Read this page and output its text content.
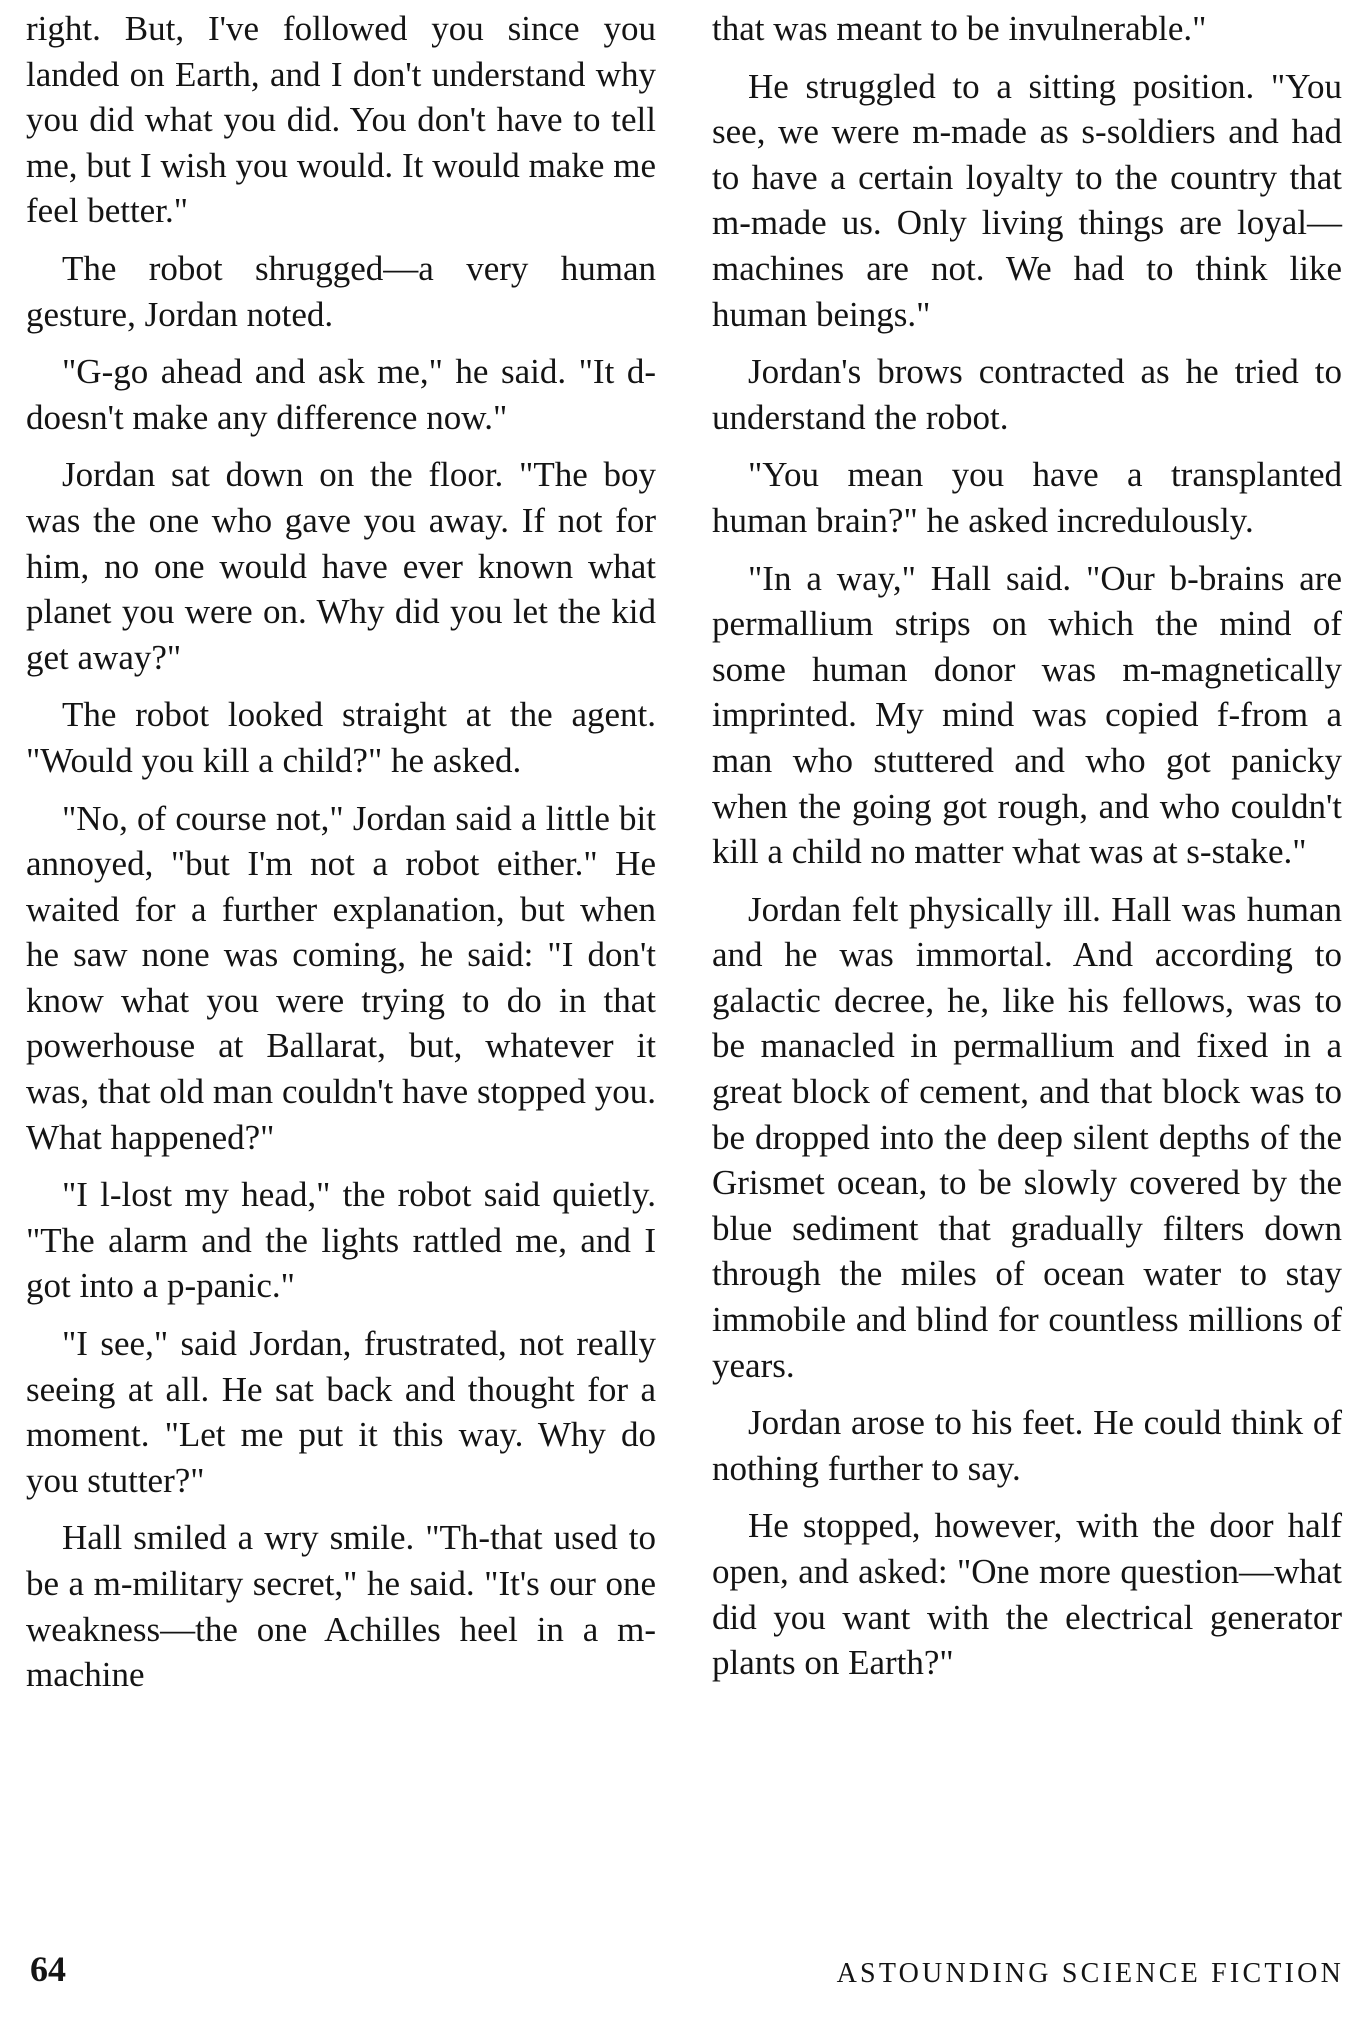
right. But, I've followed you since you landed on Earth, and I don't understand why you did what you did. You don't have to tell me, but I wish you would. It would make me feel better."

The robot shrugged—a very human gesture, Jordan noted.

"G-go ahead and ask me," he said. "It d-doesn't make any difference now."

Jordan sat down on the floor. "The boy was the one who gave you away. If not for him, no one would have ever known what planet you were on. Why did you let the kid get away?"

The robot looked straight at the agent. "Would you kill a child?" he asked.

"No, of course not," Jordan said a little bit annoyed, "but I'm not a robot either." He waited for a further explanation, but when he saw none was coming, he said: "I don't know what you were trying to do in that powerhouse at Ballarat, but, whatever it was, that old man couldn't have stopped you. What happened?"

"I l-lost my head," the robot said quietly. "The alarm and the lights rattled me, and I got into a p-panic."

"I see," said Jordan, frustrated, not really seeing at all. He sat back and thought for a moment. "Let me put it this way. Why do you stutter?"

Hall smiled a wry smile. "Th-that used to be a m-military secret," he said. "It's our one weakness—the one Achilles heel in a m-machine

that was meant to be invulnerable."

He struggled to a sitting position. "You see, we were m-made as s-soldiers and had to have a certain loyalty to the country that m-made us. Only living things are loyal—machines are not. We had to think like human beings."

Jordan's brows contracted as he tried to understand the robot.

"You mean you have a transplanted human brain?" he asked incredulously.

"In a way," Hall said. "Our b-brains are permallium strips on which the mind of some human donor was m-magnetically imprinted. My mind was copied f-from a man who stuttered and who got panicky when the going got rough, and who couldn't kill a child no matter what was at s-stake."

Jordan felt physically ill. Hall was human and he was immortal. And according to galactic decree, he, like his fellows, was to be manacled in permallium and fixed in a great block of cement, and that block was to be dropped into the deep silent depths of the Grismet ocean, to be slowly covered by the blue sediment that gradually filters down through the miles of ocean water to stay immobile and blind for countless millions of years.

Jordan arose to his feet. He could think of nothing further to say.

He stopped, however, with the door half open, and asked: "One more question—what did you want with the electrical generator plants on Earth?"

64	ASTOUNDING SCIENCE FICTION
